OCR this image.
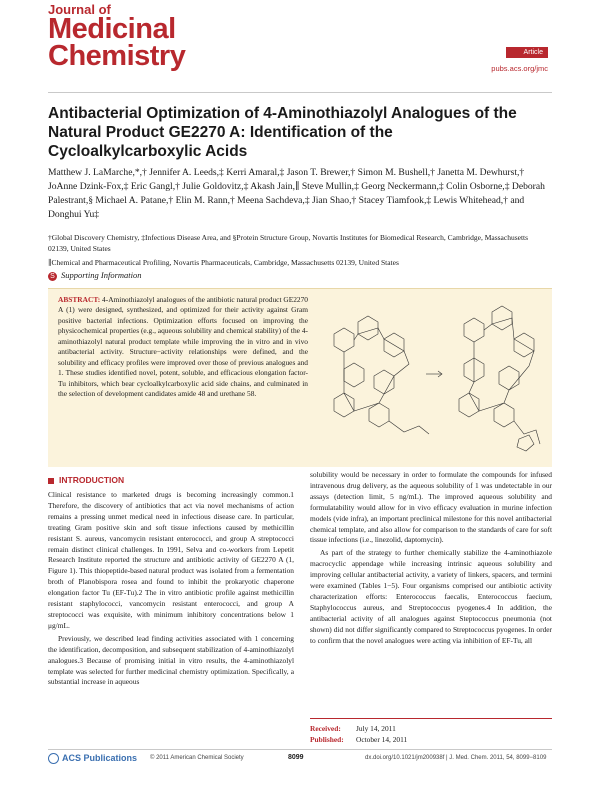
Journal of
Medicinal
Chemistry	Article
pubs.acs.org/jmc
Antibacterial Optimization of 4-Aminothiazolyl Analogues of the Natural Product GE2270 A: Identification of the Cycloalkylcarboxylic Acids
Matthew J. LaMarche,*,† Jennifer A. Leeds,‡ Kerri Amaral,‡ Jason T. Brewer,† Simon M. Bushell,† Janetta M. Dewhurst,† JoAnne Dzink-Fox,‡ Eric Gangl,† Julie Goldovitz,‡ Akash Jain,∥ Steve Mullin,‡ Georg Neckermann,‡ Colin Osborne,‡ Deborah Palestrant,§ Michael A. Patane,† Elin M. Rann,† Meena Sachdeva,‡ Jian Shao,† Stacey Tiamfook,‡ Lewis Whitehead,† and Donghui Yu‡

†Global Discovery Chemistry, ‡Infectious Disease Area, and §Protein Structure Group, Novartis Institutes for Biomedical Research, Cambridge, Massachusetts 02139, United States

∥Chemical and Pharmaceutical Profiling, Novartis Pharmaceuticals, Cambridge, Massachusetts 02139, United States

S Supporting Information
ABSTRACT: 4-Aminothiazolyl analogues of the antibiotic natural product GE2270 A (1) were designed, synthesized, and optimized for their activity against Gram positive bacterial infections. Optimization efforts focused on improving the physicochemical properties (e.g., aqueous solubility and chemical stability) of the 4-aminothiazolyl natural product template while improving the in vitro and in vivo antibacterial activity. Structure−activity relationships were defined, and the solubility and efficacy profiles were improved over those of previous analogues and 1. These studies identified novel, potent, soluble, and efficacious elongation factor-Tu inhibitors, which bear cycloalkylcarboxylic acid side chains, and culminated in the selection of development candidates amide 48 and urethane 58.
INTRODUCTION

Clinical resistance to marketed drugs is becoming increasingly common.1 Therefore, the discovery of antibiotics that act via novel mechanisms of action remains a pressing unmet medical need in infectious disease care. In particular, treating Gram positive skin and soft tissue infections caused by methicillin resistant S. aureus, vancomycin resistant enterococci, and group A streptococci remain distinct clinical challenges. In 1991, Selva and co-workers from Lepetit Research Institute reported the structure and antibiotic activity of GE2270 A (1, Figure 1). This thiopeptide-based natural product was isolated from a fermentation broth of Planobispora rosea and found to inhibit the prokaryotic chaperone elongation factor Tu (EF-Tu).2 The in vitro antibiotic profile against methicillin resistant staphylococci, vancomycin resistant enterococci, and group A streptococci was exquisite, with minimum inhibitory concentrations below 1 μg/mL.

Previously, we described lead finding activities associated with 1 concerning the identification, decomposition, and subsequent stabilization of 4-aminothiazolyl analogues.3 Because of promising initial in vitro results, the 4-aminothiazolyl template was selected for further medicinal chemistry optimization. Specifically, a substantial increase in aqueous

solubility would be necessary in order to formulate the compounds for infused intravenous drug delivery, as the aqueous solubility of 1 was undetectable in our assays (detection limit, 5 ng/mL). The improved aqueous solubility and formulatability would allow for in vivo efficacy evaluation in murine infection models (vide infra), an important preclinical milestone for this novel antibacterial chemical template, and also allow for comparison to the standards of care for soft tissue infections (i.e., linezolid, daptomycin).

As part of the strategy to further chemically stabilize the 4-aminothiazole macrocyclic appendage while increasing intrinsic aqueous solubility and improving cellular antibacterial activity, a variety of linkers, spacers, and termini were examined (Tables 1−5). Four organisms comprised our antibiotic activity characterization efforts: Enterococcus faecalis, Enterococcus faecium, Staphylococcus aureus, and Streptococcus pyogenes.4 In addition, the antibacterial activity of all analogues against Steptococcus pneumonia (not shown) did not differ significantly compared to Streptococcus pyogenes. In order to confirm that the novel analogues were acting via inhibition of EF-Tu, all

Received: July 14, 2011
Published: October 14, 2011
ACS Publications © 2011 American Chemical Society	8099	dx.doi.org/10.1021/jm200938f | J. Med. Chem. 2011, 54, 8099−8109
